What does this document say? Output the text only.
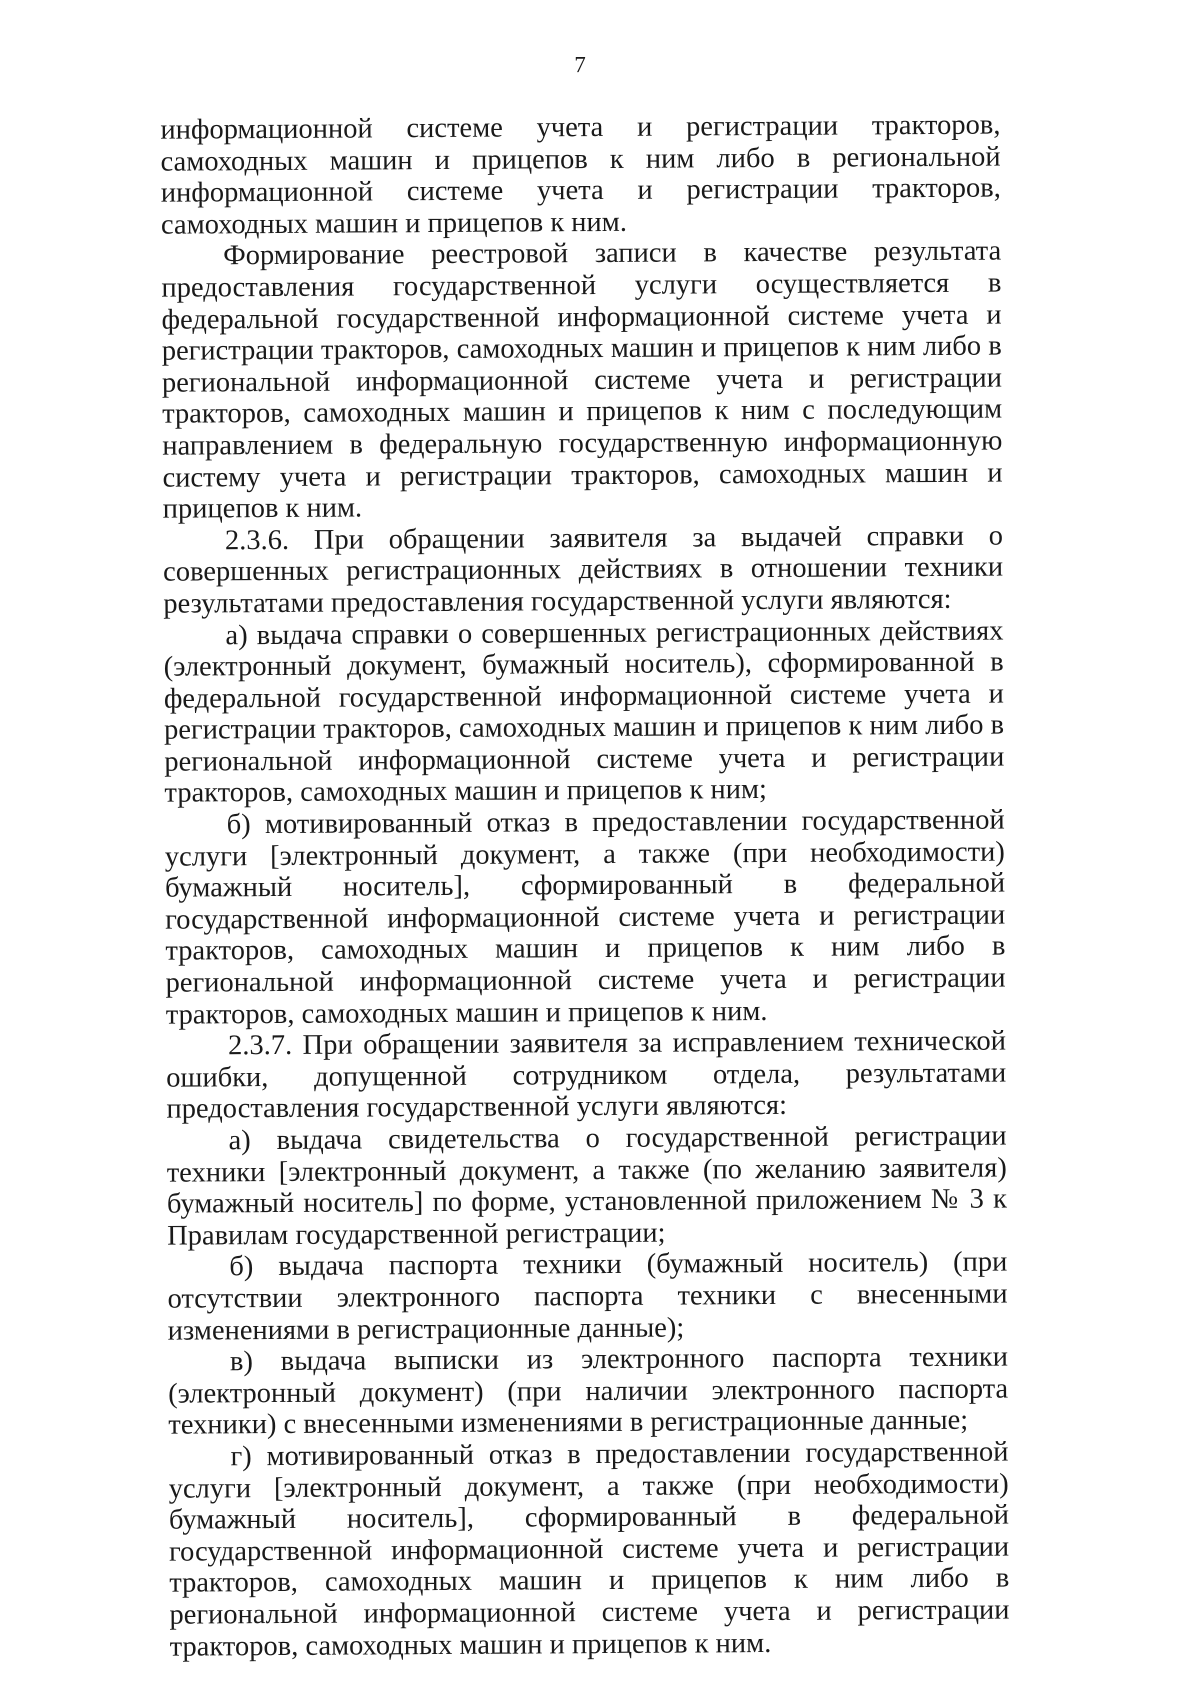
7

информационной системе учета и регистрации тракторов, самоходных машин и прицепов к ним либо в региональной информационной системе учета и регистрации тракторов, самоходных машин и прицепов к ним.

Формирование реестровой записи в качестве результата предоставления государственной услуги осуществляется в федеральной государственной информационной системе учета и регистрации тракторов, самоходных машин и прицепов к ним либо в региональной информационной системе учета и регистрации тракторов, самоходных машин и прицепов к ним с последующим направлением в федеральную государственную информационную систему учета и регистрации тракторов, самоходных машин и прицепов к ним.

2.3.6. При обращении заявителя за выдачей справки о совершенных регистрационных действиях в отношении техники результатами предоставления государственной услуги являются:

а) выдача справки о совершенных регистрационных действиях (электронный документ, бумажный носитель), сформированной в федеральной государственной информационной системе учета и регистрации тракторов, самоходных машин и прицепов к ним либо в региональной информационной системе учета и регистрации тракторов, самоходных машин и прицепов к ним;

б) мотивированный отказ в предоставлении государственной услуги [электронный документ, а также (при необходимости) бумажный носитель], сформированный в федеральной государственной информационной системе учета и регистрации тракторов, самоходных машин и прицепов к ним либо в региональной информационной системе учета и регистрации тракторов, самоходных машин и прицепов к ним.

2.3.7. При обращении заявителя за исправлением технической ошибки, допущенной сотрудником отдела, результатами предоставления государственной услуги являются:

а) выдача свидетельства о государственной регистрации техники [электронный документ, а также (по желанию заявителя) бумажный носитель] по форме, установленной приложением № 3 к Правилам государственной регистрации;

б) выдача паспорта техники (бумажный носитель) (при отсутствии электронного паспорта техники с внесенными изменениями в регистрационные данные);

в) выдача выписки из электронного паспорта техники (электронный документ) (при наличии электронного паспорта техники) с внесенными изменениями в регистрационные данные;

г) мотивированный отказ в предоставлении государственной услуги [электронный документ, а также (при необходимости) бумажный носитель], сформированный в федеральной государственной информационной системе учета и регистрации тракторов, самоходных машин и прицепов к ним либо в региональной информационной системе учета и регистрации тракторов, самоходных машин и прицепов к ним.
